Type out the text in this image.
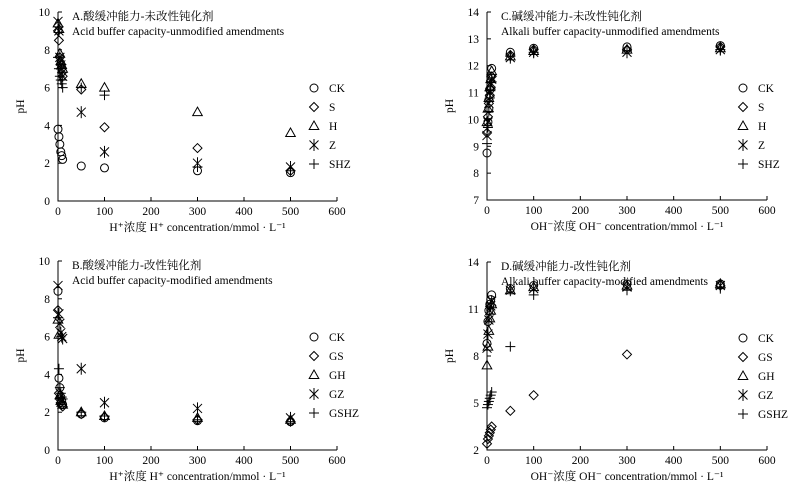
0	100	200	300	400	500	600
0
2
4
6
8
10
H⁺浓度 H⁺ concentration/mmol · L⁻¹
pH
A.酸缓冲能力-未改性钝化剂
Acid buffer capacity-unmodified amendments
CK
S
H
Z
SHZ
0	100	200	300	400	500	600
7
8
9
10
11
12
13
14
OH⁻浓度 OH⁻ concentration/mmol · L⁻¹
pH
C.碱缓冲能力-未改性钝化剂
Alkali buffer capacity-unmodified amendments
CK
S
H
Z
SHZ
0	100	200	300	400	500	600
0
2
4
6
8
10
H⁺浓度 H⁺ concentration/mmol · L⁻¹
pH
B.酸缓冲能力-改性钝化剂
Acid buffer capacity-modified amendments
CK
GS
GH
GZ
GSHZ
0	100	200	300	400	500	600
2
5
8
11
14
OH⁻浓度 OH⁻ concentration/mmol · L⁻¹
pH
D.碱缓冲能力-改性钝化剂
Alkali buffer capacity-modified amendments
CK
GS
GH
GZ
GSHZ
